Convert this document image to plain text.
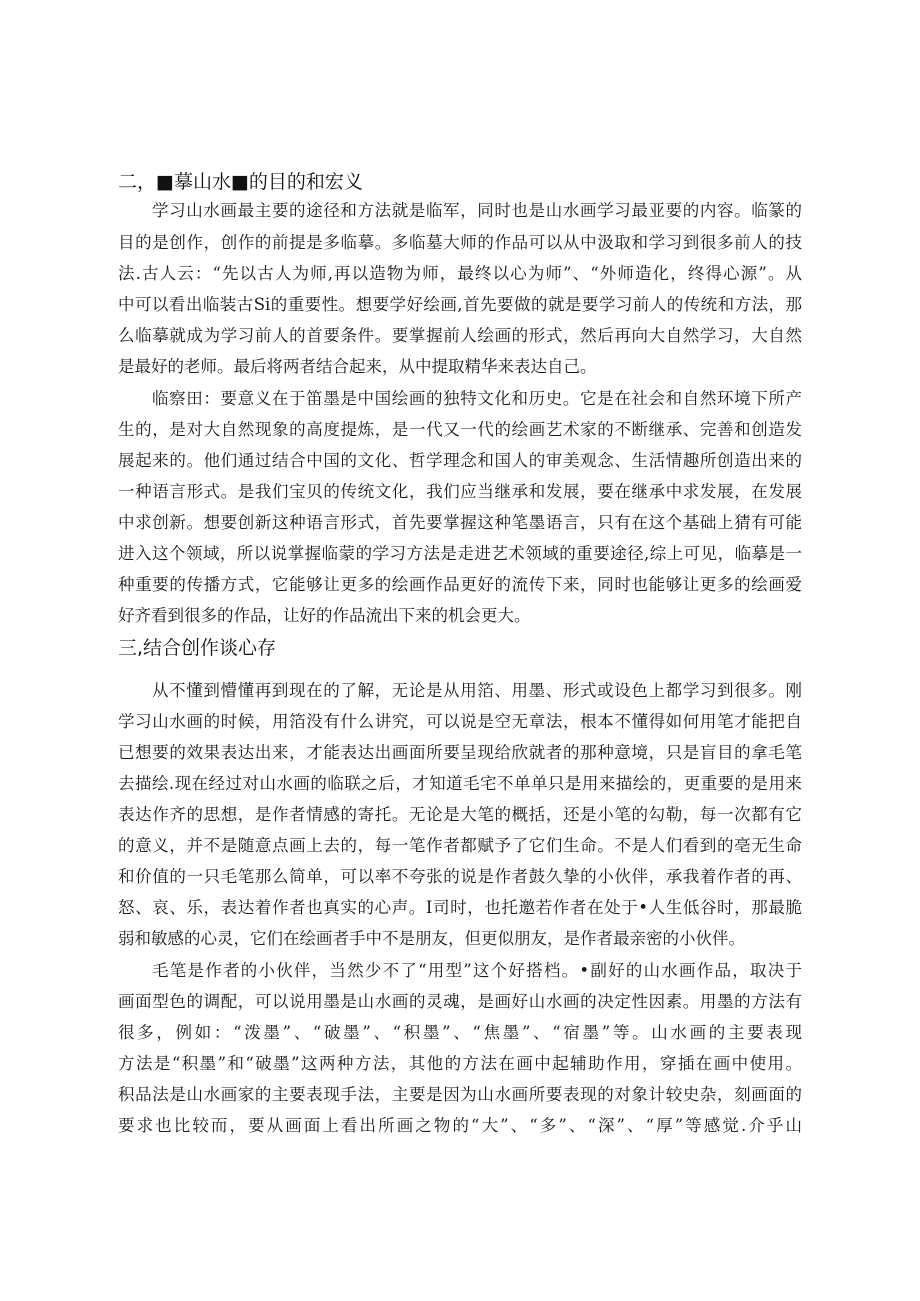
二，■摹山水■的目的和宏义

学习山水画最主要的途径和方法就是临军，同时也是山水画学习最亚要的内容。临篆的

目的是创作，创作的前提是多临摹。多临墓大师的作品可以从中汲取和学习到很多前人的技

法.古人云：“先以古人为师,再以造物为师，最终以心为师”、“外师造化，终得心源”。从

中可以看出临装古Si的重要性。想要学好绘画,首先要做的就是要学习前人的传统和方法，那

么临摹就成为学习前人的首要条件。要掌握前人绘画的形式，然后再向大自然学习，大自然

是最好的老师。最后将两者结合起来，从中提取精华来表达自己。

临察田：要意义在于笛墨是中国绘画的独特文化和历史。它是在社会和自然环境下所产

生的，是对大自然现象的高度提炼，是一代又一代的绘画艺术家的不断继承、完善和创造发

展起来的。他们通过结合中国的文化、哲学理念和国人的审美观念、生活情趣所创造出来的

一种语言形式。是我们宝贝的传统文化，我们应当继承和发展，要在继承中求发展，在发展

中求创新。想要创新这种语言形式，首先要掌握这种笔墨语言，只有在这个基础上猜有可能

进入这个领域，所以说掌握临蒙的学习方法是走进艺术领域的重要途径,综上可见，临摹是一

种重要的传播方式，它能够让更多的绘画作品更好的流传下来，同时也能够让更多的绘画爱

好齐看到很多的作品，让好的作品流出下来的机会更大。

三,结合创作谈心存

从不懂到懵懂再到现在的了解，无论是从用箔、用墨、形式或设色上都学习到很多。刚

学习山水画的时候，用箔没有什么讲究，可以说是空无章法，根本不懂得如何用笔才能把自

已想要的效果表达出来，才能表达出画面所要呈现给欣就者的那种意境，只是盲目的拿毛笔

去描绘.现在经过对山水画的临联之后，才知道毛宅不单单只是用来描绘的，更重要的是用来

表达作齐的思想，是作者情感的寄托。无论是大笔的概括，还是小笔的勾勒，每一次都有它

的意义，并不是随意点画上去的，每一笔作者都赋予了它们生命。不是人们看到的亳无生命

和价值的一只毛笔那么简单，可以率不夸张的说是作者鼓久挚的小伙伴，承我着作者的再、

怒、哀、乐，表达着作者也真实的心声。I司时，也托邀若作者在处于•人生低谷时，那最脆

弱和敏感的心灵，它们在绘画者手中不是朋友，但更似朋友，是作者最亲密的小伙伴。

毛笔是作者的小伙伴，当然少不了“用型”这个好搭档。•副好的山水画作品，取决于

画面型色的调配，可以说用墨是山水画的灵魂，是画好山水画的决定性因素。用墨的方法有

很多，例如：“泼墨”、“破墨”、“积墨”、“焦墨”、“宿墨”等。山水画的主要表现

方法是“积墨”和“破墨”这两种方法，其他的方法在画中起辅助作用，穿插在画中使用。

积品法是山水画家的主要表现手法，主要是因为山水画所要表现的对象计较史杂，刻画面的

要求也比较而，要从画面上看出所画之物的“大”、“多”、“深”、“厚”等感觉.介乎山
